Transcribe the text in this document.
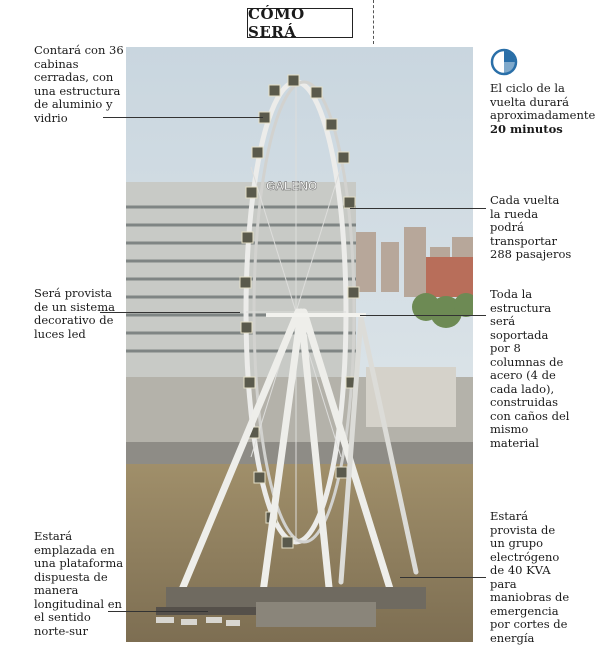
CÓMO SERÁ
GALENO
Contará con 36 cabinas cerradas, con una estructura de aluminio y vidrio
Será provista de un sistema decorativo de luces led
Estará emplazada en una plataforma dispuesta de manera longitudinal en el sentido norte-sur
El ciclo de la vuelta durará aproximadamente 20 minutos
Cada vuelta la rueda podrá transportar 288 pasajeros
Toda la estructura será soportada por 8 columnas de acero (4 de cada lado), construidas con caños del mismo material
Estará provista de un grupo electrógeno de 40 KVA para maniobras de emergencia por cortes de energía
